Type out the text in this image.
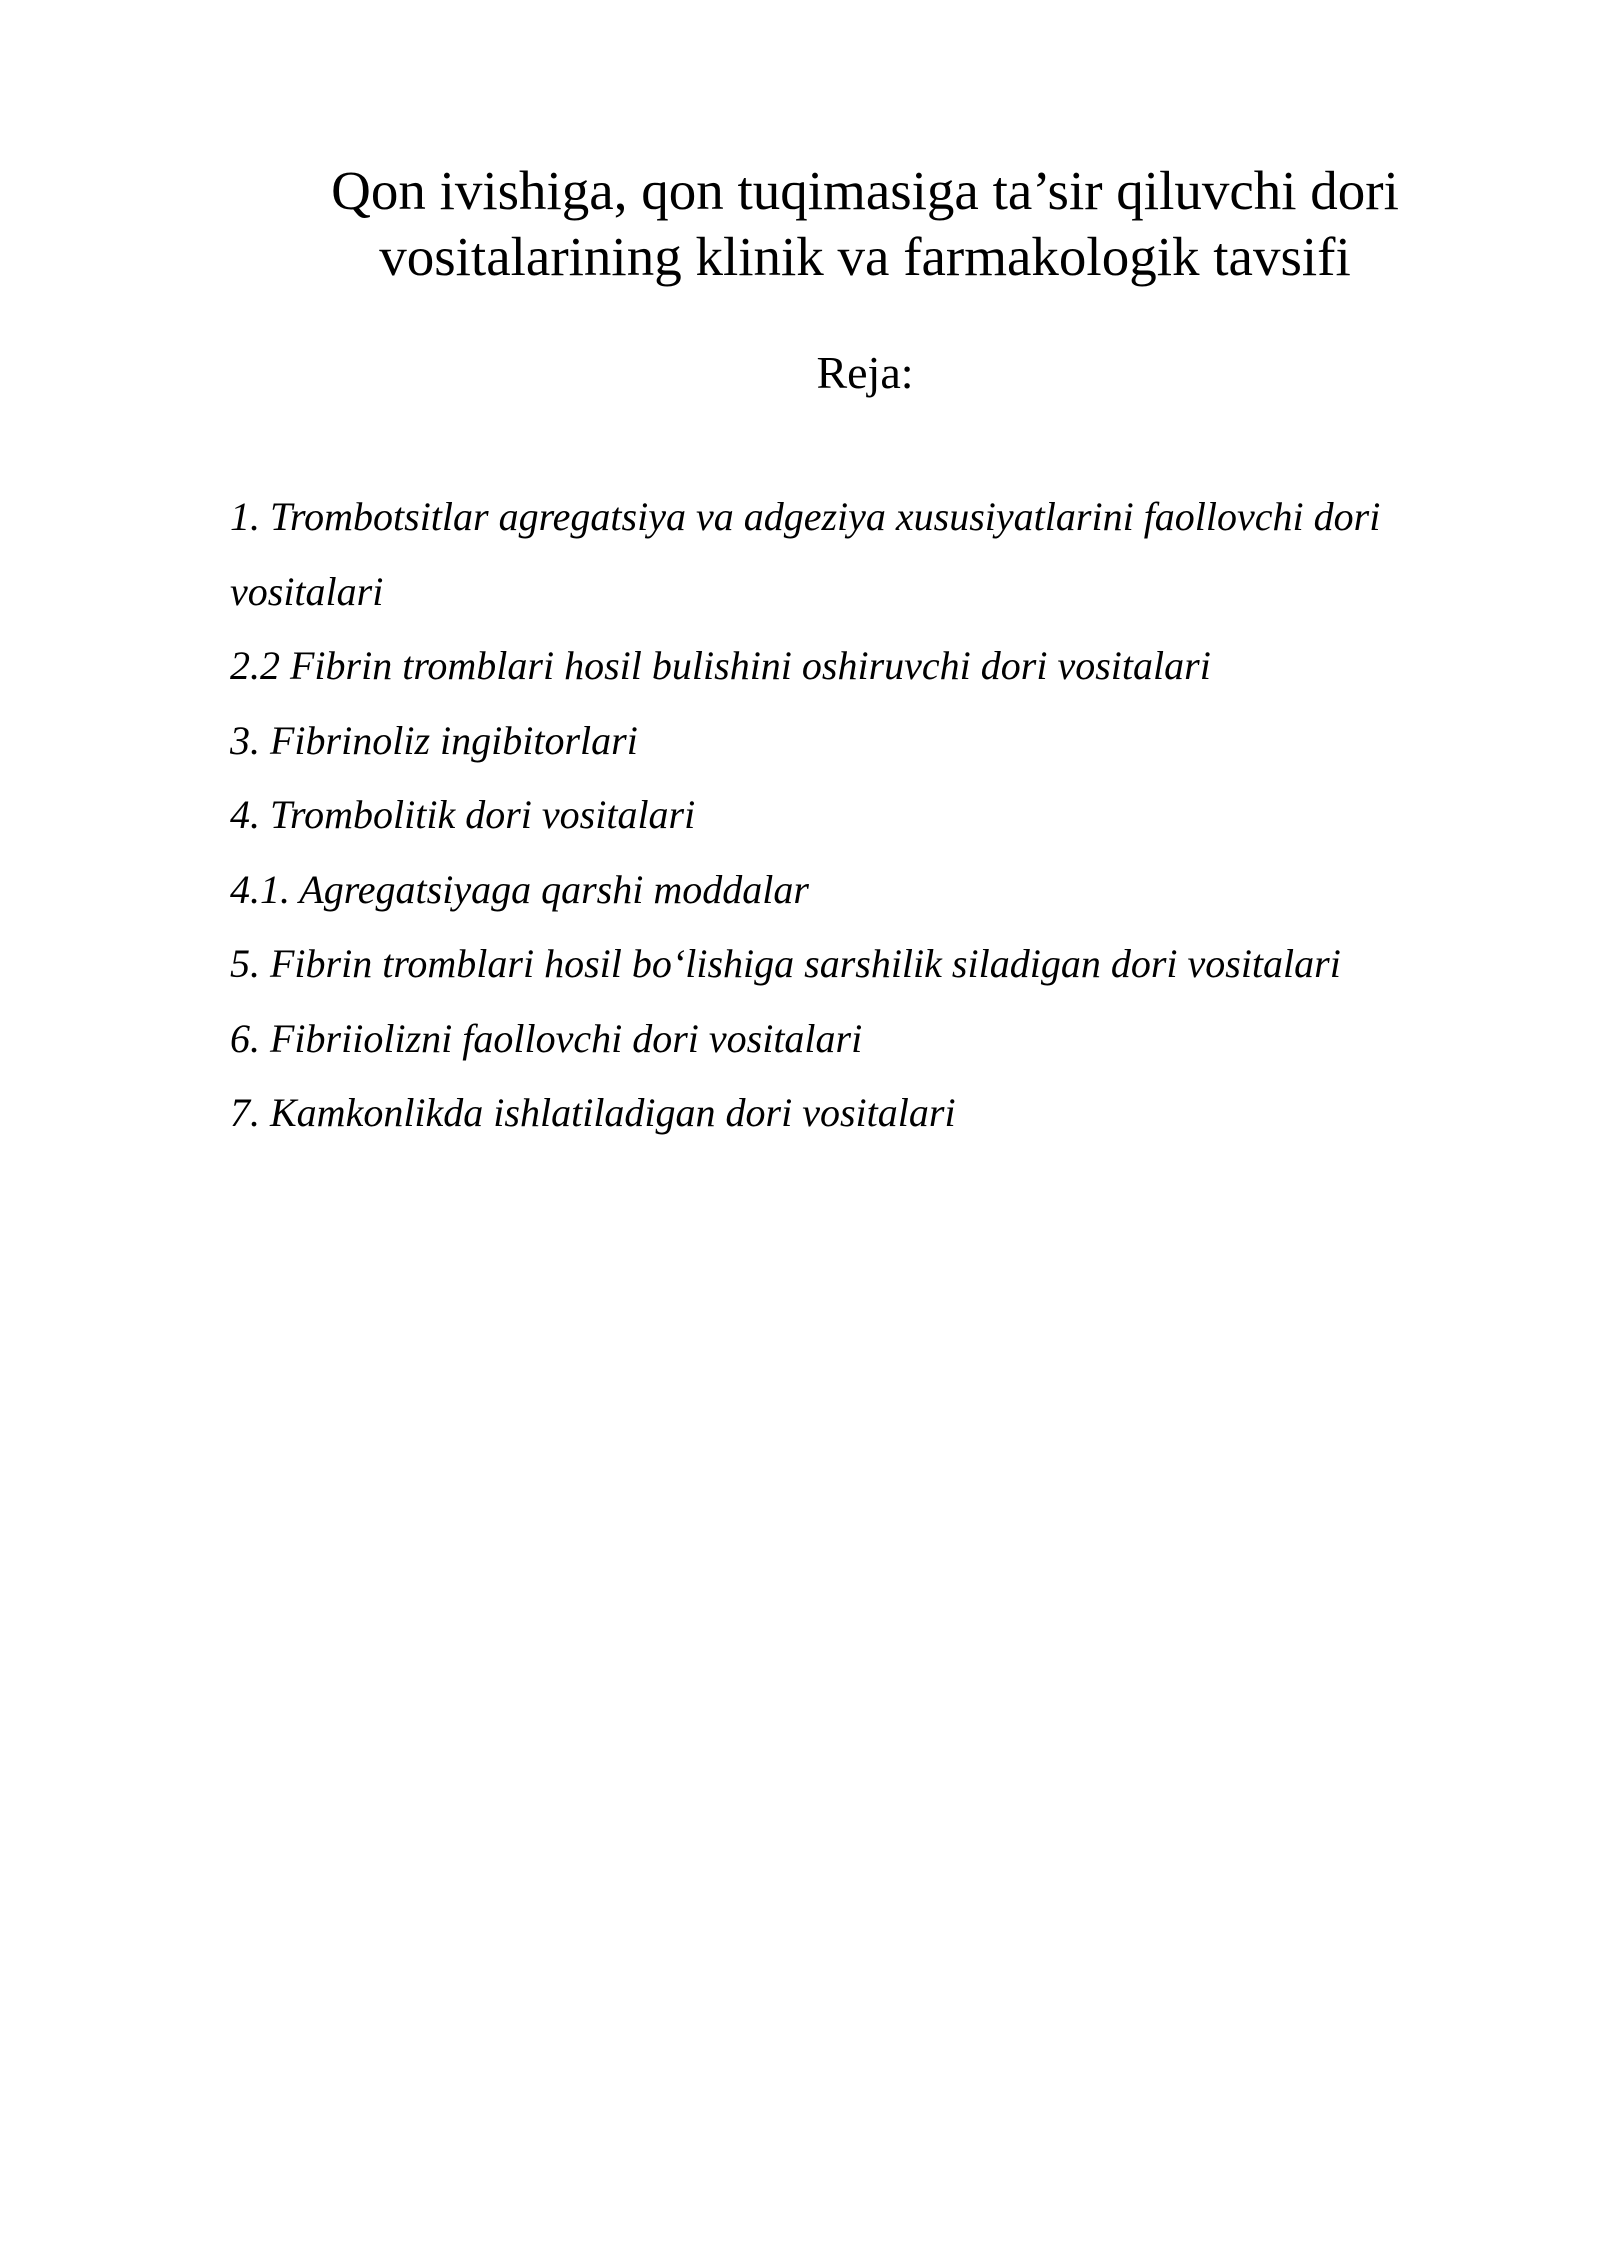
Qon ivishiga, qon tuqimasiga ta’sir qiluvchi dori
vositalarining klinik va farmakologik tavsifi

Reja:

1. Trombotsitlar agregatsiya va adgeziya xususiyatlarini faollovchi dori
vositalari
2.2 Fibrin tromblari hosil bulishini oshiruvchi dori vositalari
3. Fibrinoliz ingibitorlari
4. Trombolitik dori vositalari
4.1. Agregatsiyaga qarshi moddalar
5. Fibrin tromblari hosil bo‘lishiga sarshilik siladigan dori vositalari
6. Fibriiolizni faollovchi dori vositalari
7. Kamkonlikda ishlatiladigan dori vositalari
